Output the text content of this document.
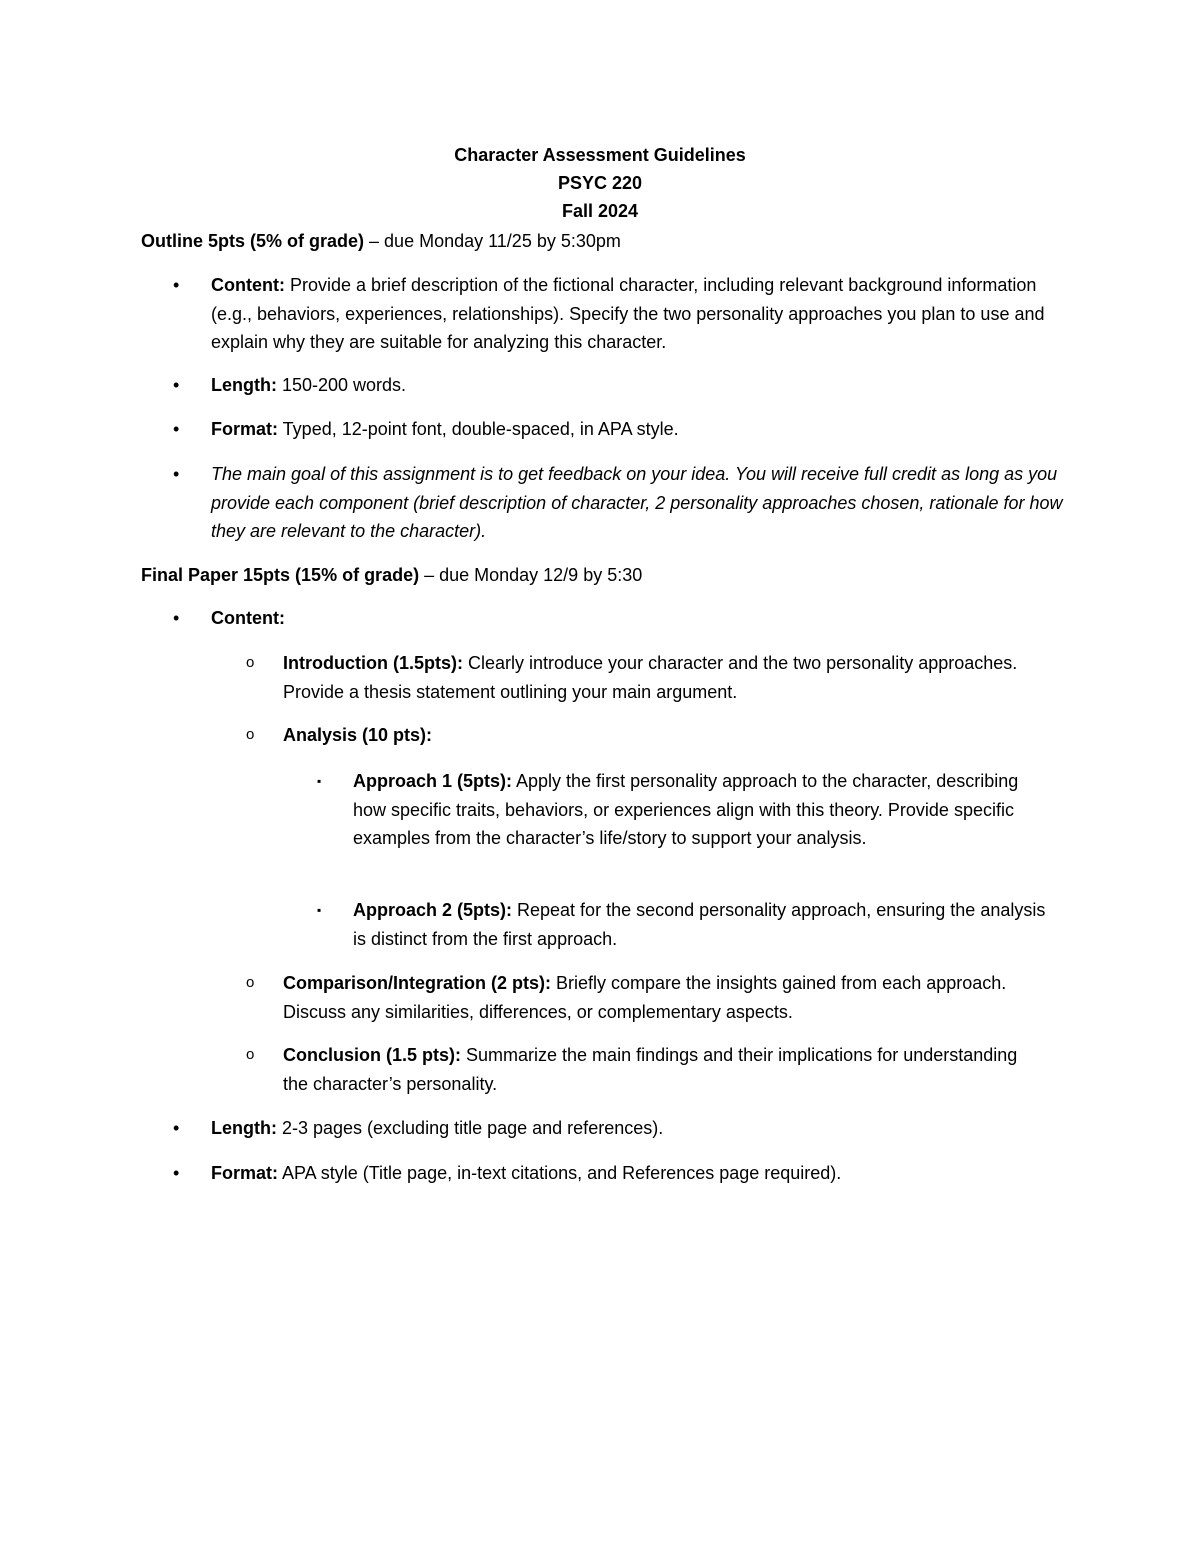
Character Assessment Guidelines
PSYC 220
Fall 2024
Outline 5pts (5% of grade) – due Monday 11/25 by 5:30pm
• Content: Provide a brief description of the fictional character, including relevant background information (e.g., behaviors, experiences, relationships). Specify the two personality approaches you plan to use and explain why they are suitable for analyzing this character.
• Length: 150-200 words.
• Format: Typed, 12-point font, double-spaced, in APA style.
• The main goal of this assignment is to get feedback on your idea. You will receive full credit as long as you provide each component (brief description of character, 2 personality approaches chosen, rationale for how they are relevant to the character).
Final Paper 15pts (15% of grade) – due Monday 12/9 by 5:30
• Content:
o Introduction (1.5pts): Clearly introduce your character and the two personality approaches. Provide a thesis statement outlining your main argument.
o Analysis (10 pts):
▪ Approach 1 (5pts): Apply the first personality approach to the character, describing how specific traits, behaviors, or experiences align with this theory. Provide specific examples from the character’s life/story to support your analysis.
▪ Approach 2 (5pts): Repeat for the second personality approach, ensuring the analysis is distinct from the first approach.
o Comparison/Integration (2 pts): Briefly compare the insights gained from each approach. Discuss any similarities, differences, or complementary aspects.
o Conclusion (1.5 pts): Summarize the main findings and their implications for understanding the character’s personality.
• Length: 2-3 pages (excluding title page and references).
• Format: APA style (Title page, in-text citations, and References page required).
